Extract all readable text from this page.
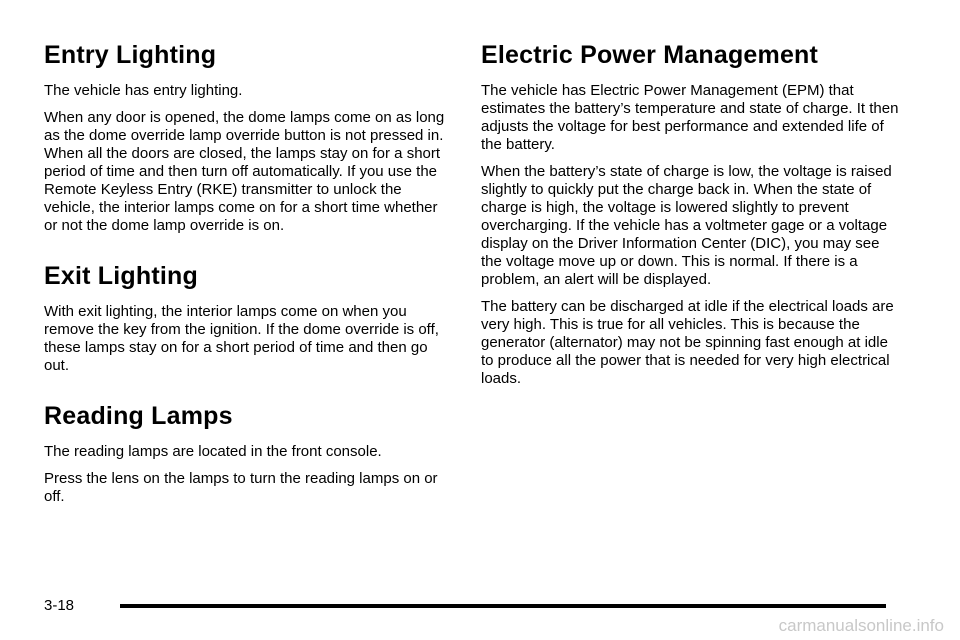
Entry Lighting

The vehicle has entry lighting.

When any door is opened, the dome lamps come on as long as the dome override lamp override button is not pressed in. When all the doors are closed, the lamps stay on for a short period of time and then turn off automatically. If you use the Remote Keyless Entry (RKE) transmitter to unlock the vehicle, the interior lamps come on for a short time whether or not the dome lamp override is on.

Exit Lighting

With exit lighting, the interior lamps come on when you remove the key from the ignition. If the dome override is off, these lamps stay on for a short period of time and then go out.

Reading Lamps

The reading lamps are located in the front console.

Press the lens on the lamps to turn the reading lamps on or off.

Electric Power Management

The vehicle has Electric Power Management (EPM) that estimates the battery’s temperature and state of charge. It then adjusts the voltage for best performance and extended life of the battery.

When the battery’s state of charge is low, the voltage is raised slightly to quickly put the charge back in. When the state of charge is high, the voltage is lowered slightly to prevent overcharging. If the vehicle has a voltmeter gage or a voltage display on the Driver Information Center (DIC), you may see the voltage move up or down. This is normal. If there is a problem, an alert will be displayed.

The battery can be discharged at idle if the electrical loads are very high. This is true for all vehicles. This is because the generator (alternator) may not be spinning fast enough at idle to produce all the power that is needed for very high electrical loads.

3-18
carmanualsonline.info
